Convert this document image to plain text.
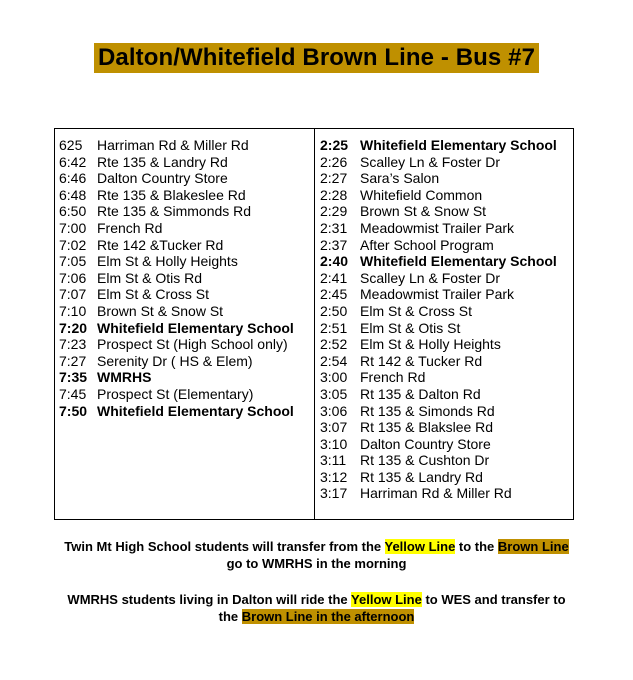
Dalton/Whitefield Brown Line - Bus #7
625 Harriman Rd & Miller Rd
6:42 Rte 135 & Landry Rd
6:46 Dalton Country Store
6:48 Rte 135 & Blakeslee Rd
6:50 Rte 135 & Simmonds Rd
7:00 French Rd
7:02 Rte 142 &Tucker Rd
7:05 Elm St & Holly Heights
7:06 Elm St & Otis Rd
7:07 Elm St & Cross St
7:10 Brown St & Snow St
7:20 Whitefield Elementary School
7:23 Prospect St (High School only)
7:27 Serenity Dr ( HS & Elem)
7:35 WMRHS
7:45 Prospect St (Elementary)
7:50 Whitefield Elementary School
2:25 Whitefield Elementary School
2:26 Scalley Ln & Foster Dr
2:27 Sara’s Salon
2:28 Whitefield Common
2:29 Brown St & Snow St
2:31 Meadowmist Trailer Park
2:37 After School Program
2:40 Whitefield Elementary School
2:41 Scalley Ln & Foster Dr
2:45 Meadowmist Trailer Park
2:50 Elm St & Cross St
2:51 Elm St & Otis St
2:52 Elm St & Holly Heights
2:54 Rt 142 & Tucker Rd
3:00 French Rd
3:05 Rt 135 & Dalton Rd
3:06 Rt 135 & Simonds Rd
3:07 Rt 135 & Blakslee Rd
3:10 Dalton Country Store
3:11 Rt 135 & Cushton Dr
3:12 Rt 135 & Landry Rd
3:17 Harriman Rd & Miller Rd
Twin Mt High School students will transfer from the Yellow Line to the Brown Line
go to WMRHS in the morning
WMRHS students living in Dalton will ride the Yellow Line to WES and transfer to
the Brown Line in the afternoon
